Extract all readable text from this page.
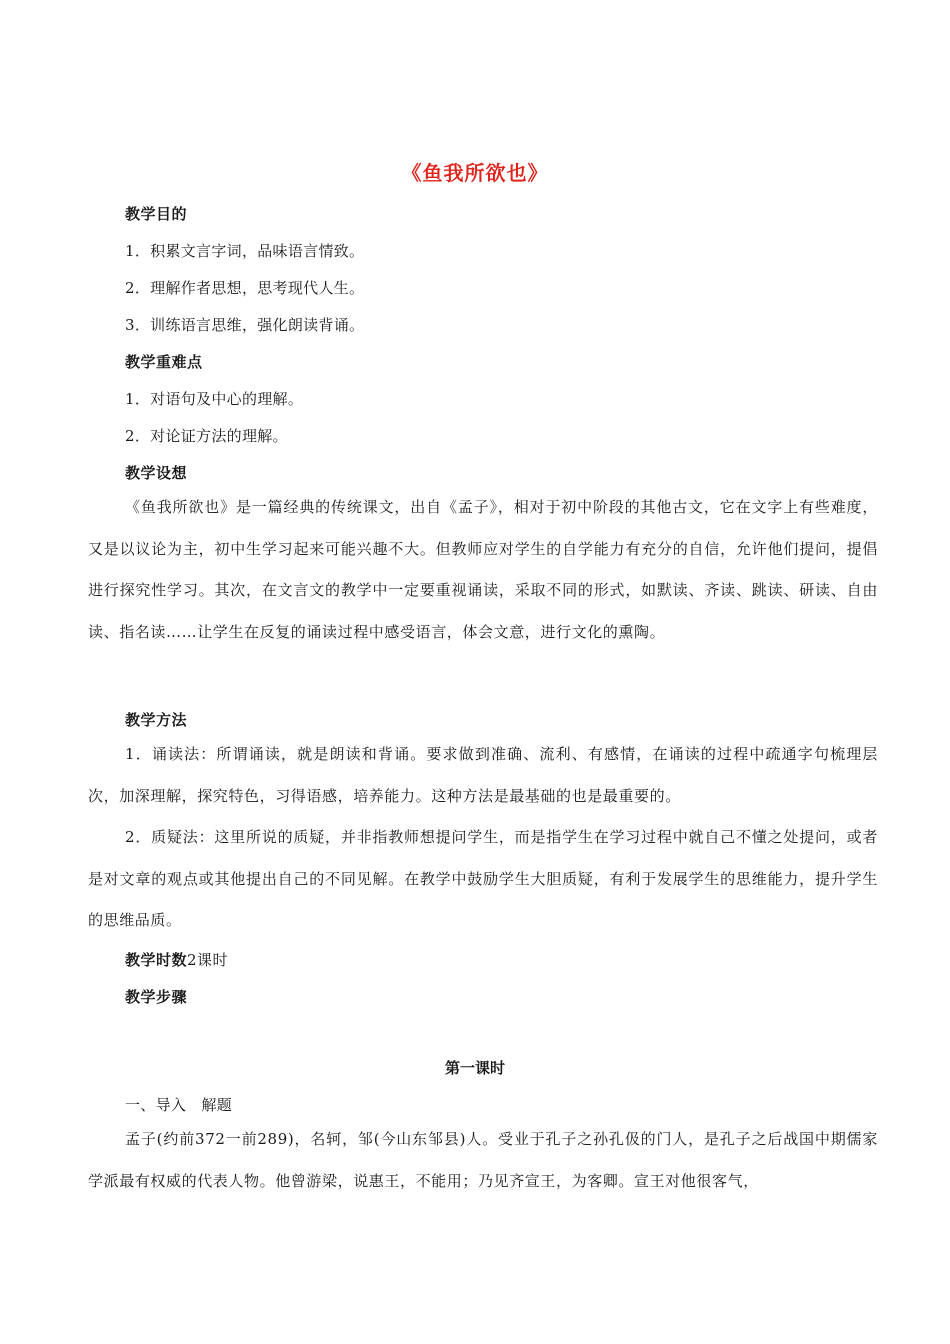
《鱼我所欲也》
教学目的
1．积累文言字词，品味语言情致。
2．理解作者思想，思考现代人生。
3．训练语言思维，强化朗读背诵。
教学重难点
1．对语句及中心的理解。
2．对论证方法的理解。
教学设想

《鱼我所欲也》是一篇经典的传统课文，出自《孟子》，相对于初中阶段的其他古文，它在文字上有些难度，又是以议论为主，初中生学习起来可能兴趣不大。但教师应对学生的自学能力有充分的自信，允许他们提问，提倡进行探究性学习。其次，在文言文的教学中一定要重视诵读，采取不同的形式，如默读、齐读、跳读、研读、自由读、指名读……让学生在反复的诵读过程中感受语言，体会文意，进行文化的熏陶。

教学方法

1．诵读法：所谓诵读，就是朗读和背诵。要求做到准确、流利、有感情，在诵读的过程中疏通字句梳理层次，加深理解，探究特色，习得语感，培养能力。这种方法是最基础的也是最重要的。

2．质疑法：这里所说的质疑，并非指教师想提问学生，而是指学生在学习过程中就自己不懂之处提问，或者是对文章的观点或其他提出自己的不同见解。在教学中鼓励学生大胆质疑，有利于发展学生的思维能力，提升学生的思维品质。

教学时数2课时
教学步骤
第一课时
一、导入　解题

孟子(约前372一前289)，名轲，邹(今山东邹县)人。受业于孔子之孙孔伋的门人，是孔子之后战国中期儒家学派最有权威的代表人物。他曾游梁，说惠王，不能用；乃见齐宣王，为客卿。宣王对他很客气，
